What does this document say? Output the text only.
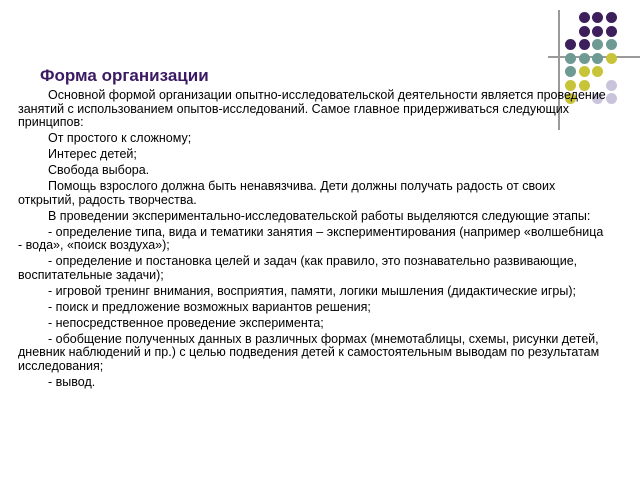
Форма организации

Основной формой организации опытно-исследовательской деятельности является проведение занятий с использованием опытов-исследований. Самое главное придерживаться следующих принципов:

От простого к сложному;

Интерес детей;

Свобода выбора.

Помощь взрослого должна быть ненавязчива. Дети должны получать радость от своих открытий, радость творчества.

В проведении экспериментально-исследовательской работы выделяются следующие этапы:

- определение типа, вида и тематики занятия – экспериментирования (например «волшебница - вода», «поиск воздуха»);

- определение и постановка целей и задач (как правило, это познавательно развивающие, воспитательные задачи);

- игровой тренинг внимания, восприятия, памяти, логики мышления (дидактические игры);

- поиск и предложение возможных вариантов решения;

- непосредственное проведение эксперимента;

- обобщение полученных данных в различных формах (мнемотаблицы, схемы, рисунки детей, дневник наблюдений и пр.) с целью подведения детей к самостоятельным выводам по результатам исследования;

- вывод.
